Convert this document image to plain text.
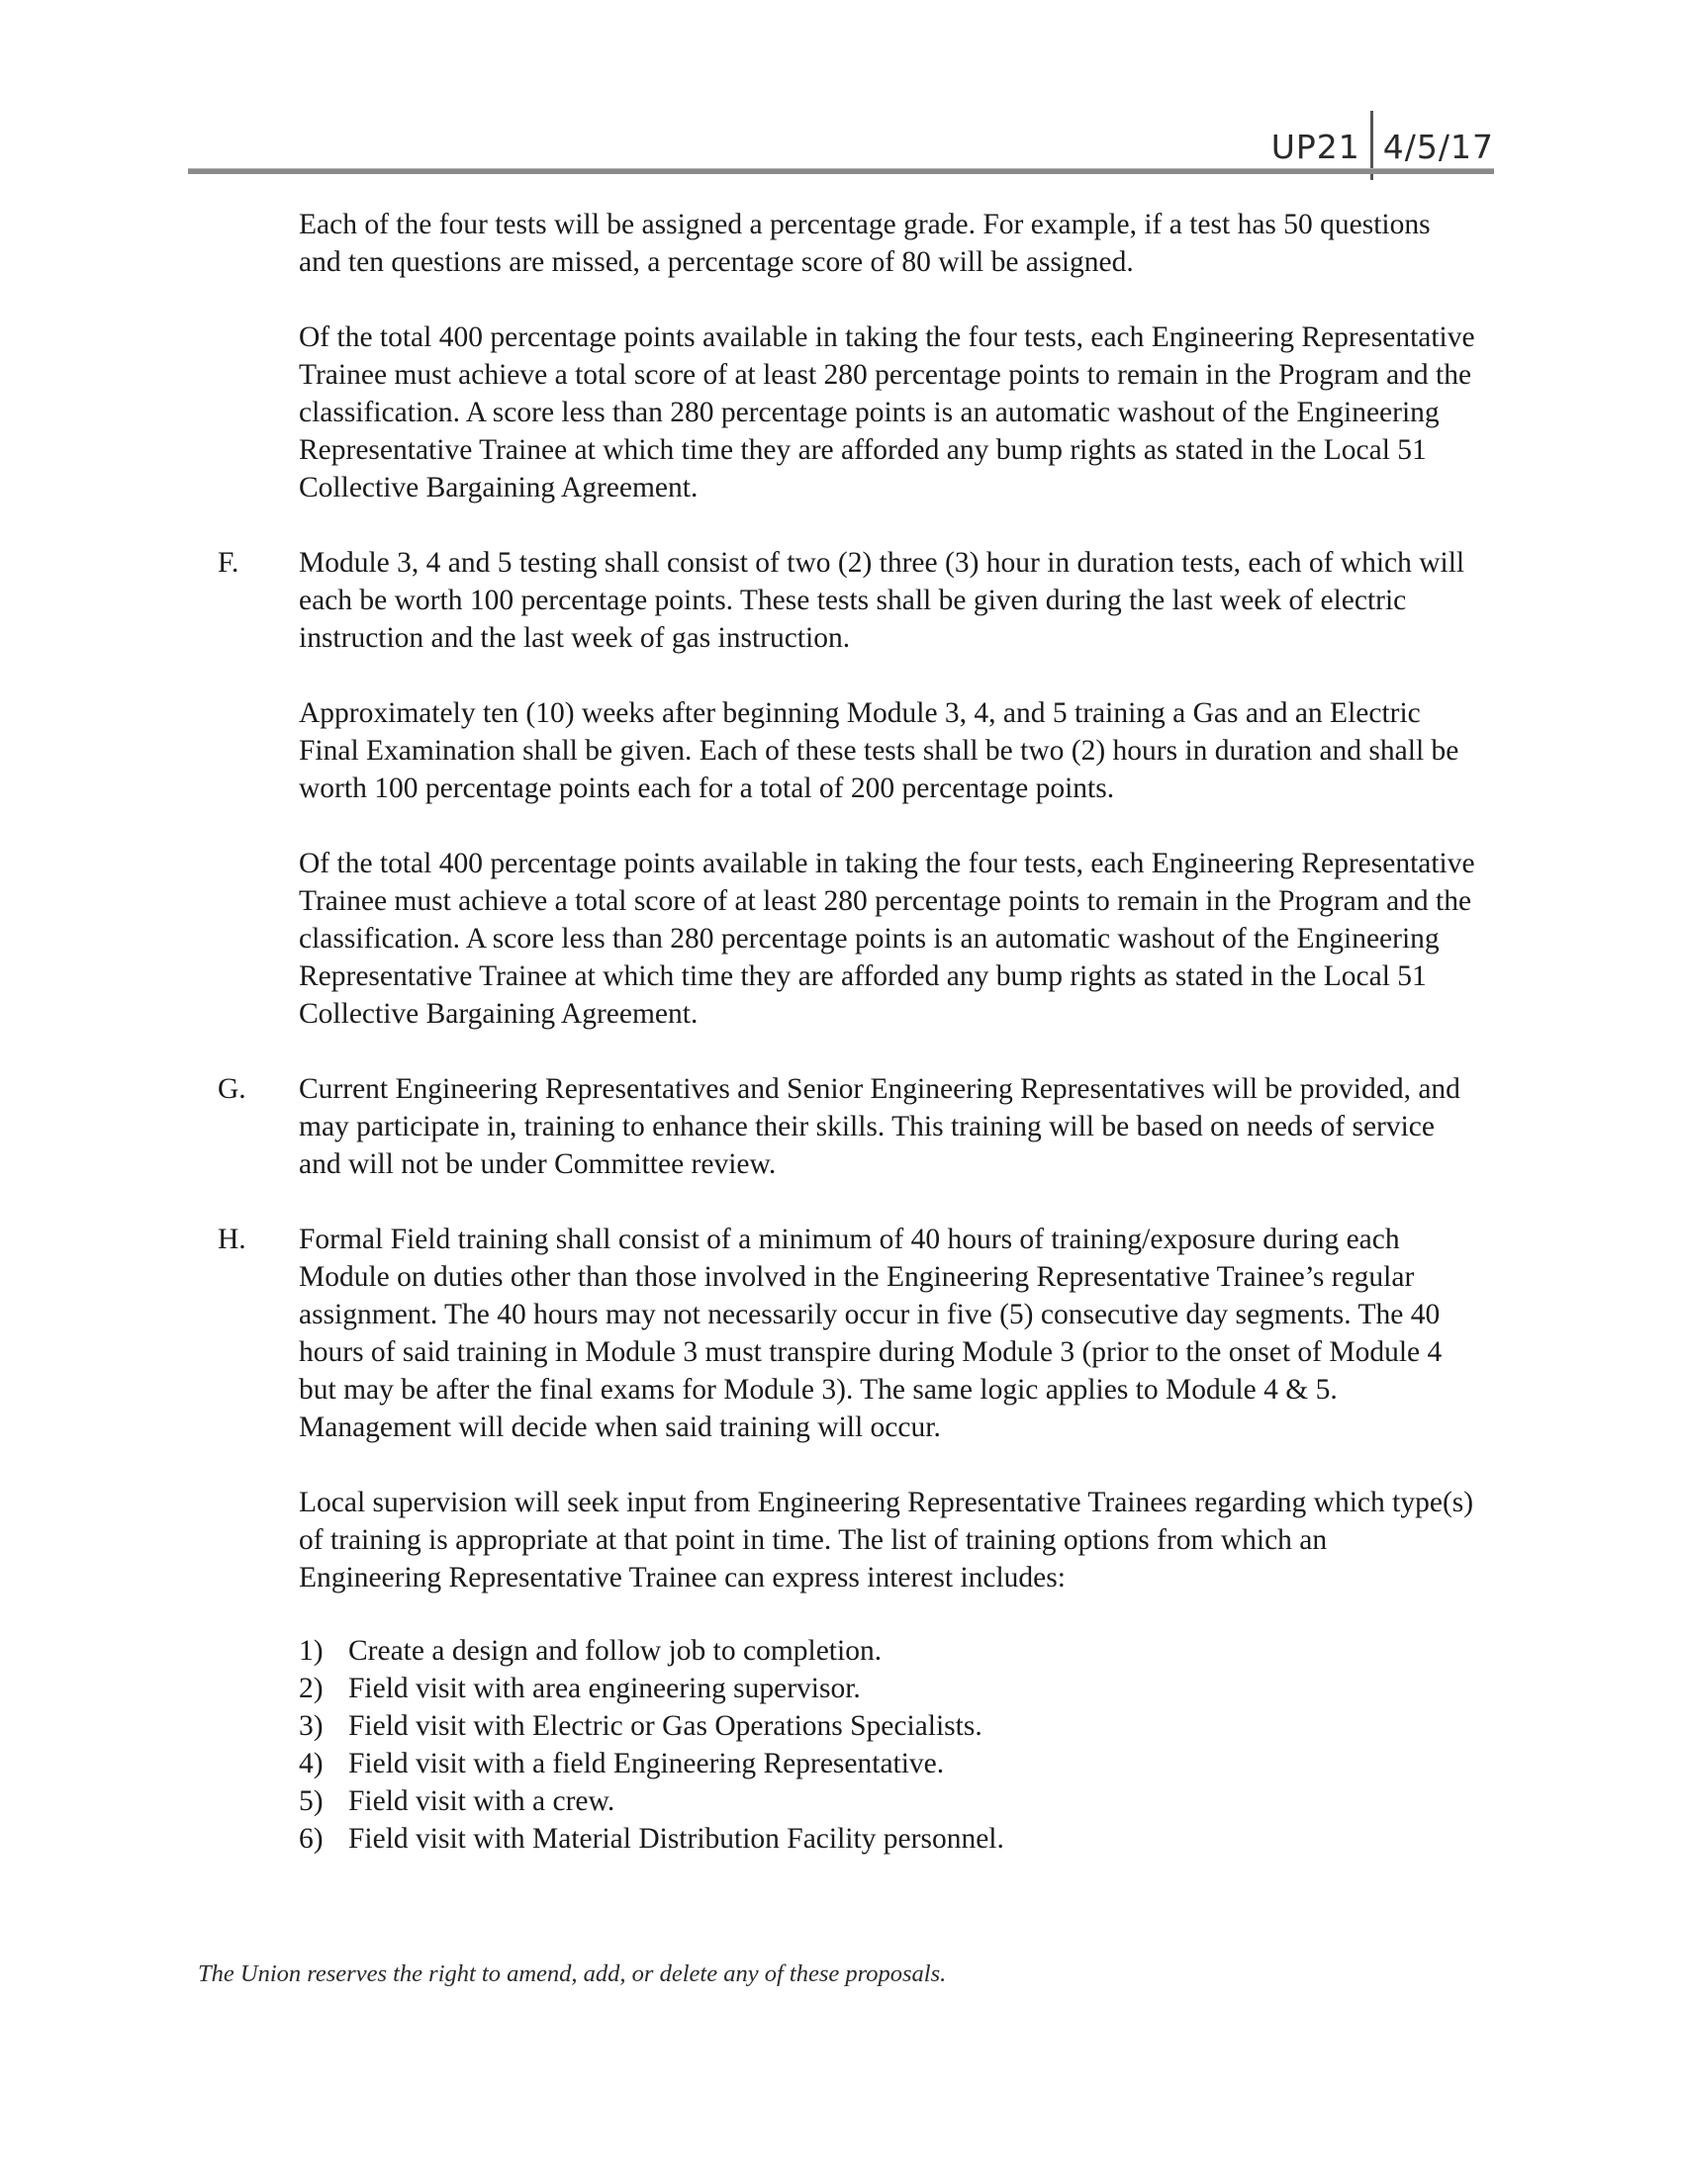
UP21 4/5/17
Each of the four tests will be assigned a percentage grade. For example, if a test has 50 questions and ten questions are missed, a percentage score of 80 will be assigned.
Of the total 400 percentage points available in taking the four tests, each Engineering Representative Trainee must achieve a total score of at least 280 percentage points to remain in the Program and the classification. A score less than 280 percentage points is an automatic washout of the Engineering Representative Trainee at which time they are afforded any bump rights as stated in the Local 51 Collective Bargaining Agreement.
F.	Module 3, 4 and 5 testing shall consist of two (2) three (3) hour in duration tests, each of which will each be worth 100 percentage points. These tests shall be given during the last week of electric instruction and the last week of gas instruction.
Approximately ten (10) weeks after beginning Module 3, 4, and 5 training a Gas and an Electric Final Examination shall be given. Each of these tests shall be two (2) hours in duration and shall be worth 100 percentage points each for a total of 200 percentage points.
Of the total 400 percentage points available in taking the four tests, each Engineering Representative Trainee must achieve a total score of at least 280 percentage points to remain in the Program and the classification. A score less than 280 percentage points is an automatic washout of the Engineering Representative Trainee at which time they are afforded any bump rights as stated in the Local 51 Collective Bargaining Agreement.
G.	Current Engineering Representatives and Senior Engineering Representatives will be provided, and may participate in, training to enhance their skills. This training will be based on needs of service and will not be under Committee review.
H.	Formal Field training shall consist of a minimum of 40 hours of training/exposure during each Module on duties other than those involved in the Engineering Representative Trainee’s regular assignment. The 40 hours may not necessarily occur in five (5) consecutive day segments. The 40 hours of said training in Module 3 must transpire during Module 3 (prior to the onset of Module 4 but may be after the final exams for Module 3). The same logic applies to Module 4 & 5. Management will decide when said training will occur.
Local supervision will seek input from Engineering Representative Trainees regarding which type(s) of training is appropriate at that point in time. The list of training options from which an Engineering Representative Trainee can express interest includes:
1) Create a design and follow job to completion.
2) Field visit with area engineering supervisor.
3) Field visit with Electric or Gas Operations Specialists.
4) Field visit with a field Engineering Representative.
5) Field visit with a crew.
6) Field visit with Material Distribution Facility personnel.
The Union reserves the right to amend, add, or delete any of these proposals.
